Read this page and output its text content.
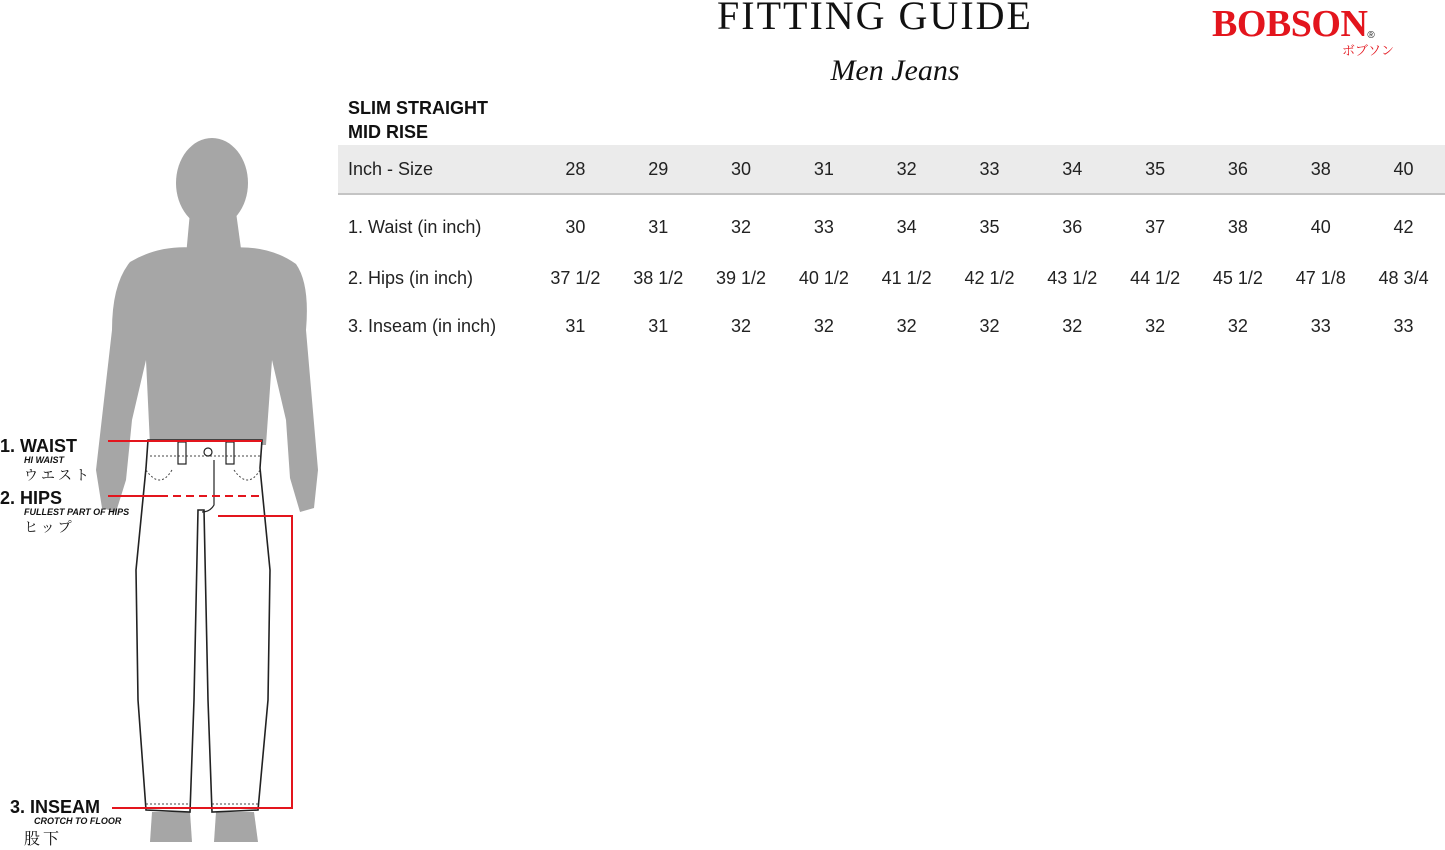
FITTING GUIDE
Men Jeans
$BOBSON_®$
ボブソン
SLIM STRAIGHT
MID RISE
Inch - Size	28	29	30	31	32	33	34	35	36	38	40
1. Waist (in inch)	30	31	32	33	34	35	36	37	38	40	42
2. Hips (in inch)	37 1/2	38 1/2	39 1/2	40 1/2	41 1/2	42 1/2	43 1/2	44 1/2	45 1/2	47 1/8	48 3/4
3. Inseam (in inch)	31	31	32	32	32	32	32	32	32	33	33
1. WAIST
HI WAIST
ウエスト
2. HIPS
FULLEST PART OF HIPS
ヒップ
3. INSEAM
CROTCH TO FLOOR
股下
